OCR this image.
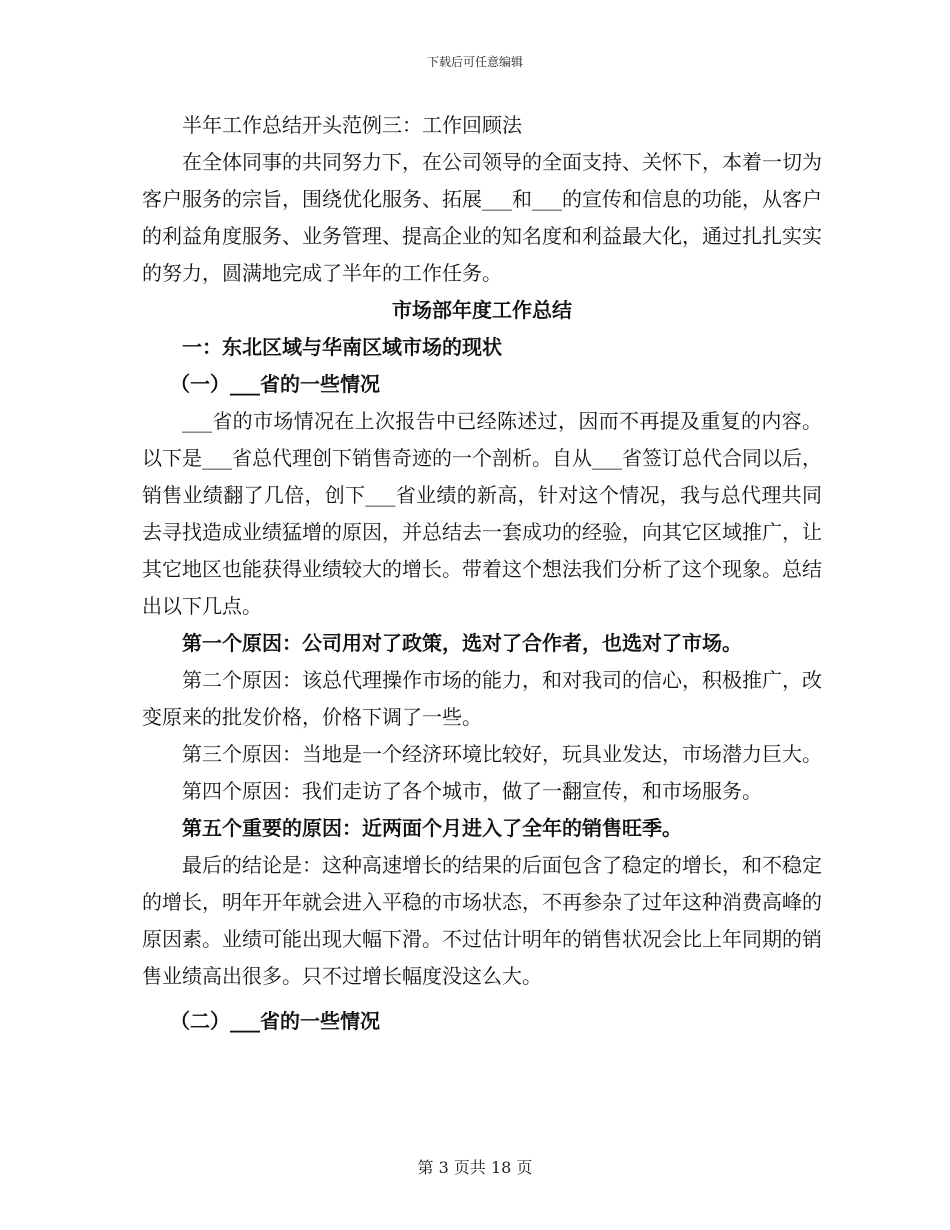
下载后可任意编辑

半年工作总结开头范例三：工作回顾法

在全体同事的共同努力下，在公司领导的全面支持、关怀下，本着一切为客户服务的宗旨，围绕优化服务、拓展___和___的宣传和信息的功能，从客户的利益角度服务、业务管理、提高企业的知名度和利益最大化，通过扎扎实实的努力，圆满地完成了半年的工作任务。

市场部年度工作总结

一：东北区域与华南区域市场的现状

（一）___省的一些情况

___省的市场情况在上次报告中已经陈述过，因而不再提及重复的内容。以下是___省总代理创下销售奇迹的一个剖析。自从___省签订总代合同以后，销售业绩翻了几倍，创下___省业绩的新高，针对这个情况，我与总代理共同去寻找造成业绩猛增的原因，并总结去一套成功的经验，向其它区域推广，让其它地区也能获得业绩较大的增长。带着这个想法我们分析了这个现象。总结出以下几点。

第一个原因：公司用对了政策，选对了合作者，也选对了市场。

第二个原因：该总代理操作市场的能力，和对我司的信心，积极推广，改变原来的批发价格，价格下调了一些。

第三个原因：当地是一个经济环境比较好，玩具业发达，市场潜力巨大。

第四个原因：我们走访了各个城市，做了一翻宣传，和市场服务。

第五个重要的原因：近两面个月进入了全年的销售旺季。

最后的结论是：这种高速增长的结果的后面包含了稳定的增长，和不稳定的增长，明年开年就会进入平稳的市场状态，不再参杂了过年这种消费高峰的原因素。业绩可能出现大幅下滑。不过估计明年的销售状况会比上年同期的销售业绩高出很多。只不过增长幅度没这么大。

（二）___省的一些情况

第 3 页共 18 页
